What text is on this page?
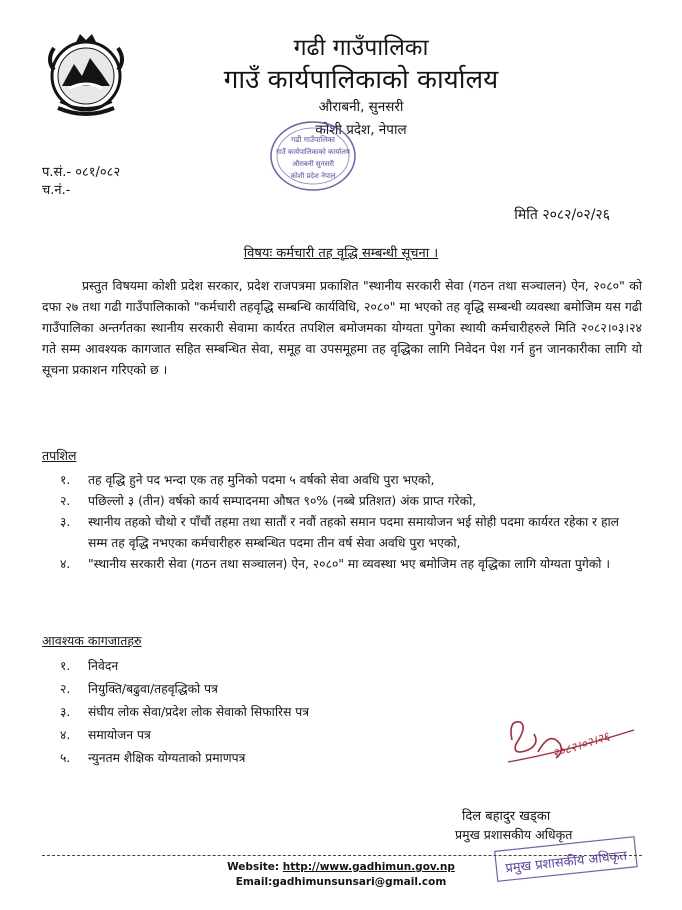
गढी गाउँपालिका
गाउँ कार्यपालिकाको कार्यालय
औराबनी, सुनसरी
कोशी प्रदेश, नेपाल
गढी गाउँपालिका
गाउँ कार्यपालिकाको कार्यालय
औराबनी सुनसरी
कोशी प्रदेश नेपाल
प.सं.- ०८१/०८२
च.नं.-
मिति २०८२/०२/२६
विषयः कर्मचारी तह वृद्धि सम्बन्धी सूचना ।

प्रस्तुत विषयमा कोशी प्रदेश सरकार, प्रदेश राजपत्रमा प्रकाशित "स्थानीय सरकारी सेवा (गठन तथा सञ्चालन) ऐन, २०८०" को दफा २७ तथा गढी गाउँपालिकाको "कर्मचारी तहवृद्धि सम्बन्धि कार्यविधि, २०८०" मा भएको तह वृद्धि सम्बन्धी व्यवस्था बमोजिम यस गढी गाउँपालिका अन्तर्गतका स्थानीय सरकारी सेवामा कार्यरत तपशिल बमोजमका योग्यता पुगेका स्थायी कर्मचारीहरुले मिति २०८२।०३।२४ गते सम्म आवश्यक कागजात सहित सम्बन्धित सेवा, समूह वा उपसमूहमा तह वृद्धिका लागि निवेदन पेश गर्न हुन जानकारीका लागि यो सूचना प्रकाशन गरिएको छ ।

तपशिल
१.	तह वृद्धि हुने पद भन्दा एक तह मुनिको पदमा ५ वर्षको सेवा अवधि पुरा भएको,
२.	पछिल्लो ३ (तीन) वर्षको कार्य सम्पादनमा औषत ९०% (नब्बे प्रतिशत) अंक प्राप्त गरेको,
३.	स्थानीय तहको चौथो र पाँचौं तहमा तथा सातौं र नवौं तहको समान पदमा समायोजन भई सोही पदमा कार्यरत रहेका र हाल सम्म तह वृद्धि नभएका कर्मचारीहरु सम्बन्धित पदमा तीन वर्ष सेवा अवधि पुरा भएको,
४.	"स्थानीय सरकारी सेवा (गठन तथा सञ्चालन) ऐन, २०८०" मा व्यवस्था भए बमोजिम तह वृद्धिका लागि योग्यता पुगेको ।
आवश्यक कागजातहरु
१.	निवेदन
२.	नियुक्ति/बढुवा/तहवृद्धिको पत्र
३.	संघीय लोक सेवा/प्रदेश लोक सेवाको सिफारिस पत्र
४.	समायोजन पत्र
५.	न्युनतम शैक्षिक योग्यताको प्रमाणपत्र	२०८२।०२।२६
दिल बहादुर खड्का
प्रमुख प्रशासकीय अधिकृत
प्रमुख प्रशासकीय अधिकृत
Website: http://www.gadhimun.gov.np
Email:gadhimunsunsari@gmail.com
